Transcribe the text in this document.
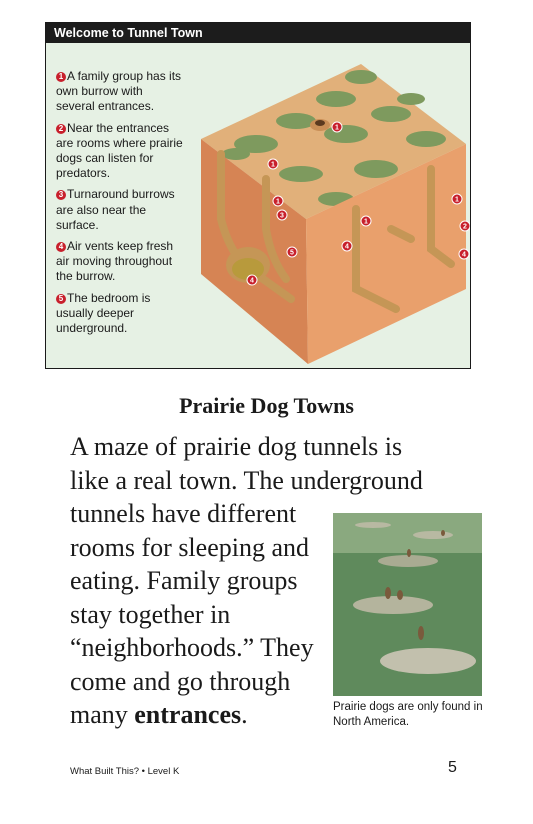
Welcome to Tunnel Town
1 A family group has its own burrow with several entrances.
2 Near the entrances are rooms where prairie dogs can listen for predators.
3 Turnaround burrows are also near the surface.
4 Air vents keep fresh air moving throughout the burrow.
5 The bedroom is usually deeper underground.
1
1
1
1
1
2
3
4
4
4
5
Prairie Dog Towns
A maze of prairie dog tunnels is
like a real town. The underground
tunnels have different
rooms for sleeping and
eating. Family groups
stay together in
“neighborhoods.” They
come and go through
many entrances.	Prairie dogs are only found in North America.
What Built This? • Level K	5
